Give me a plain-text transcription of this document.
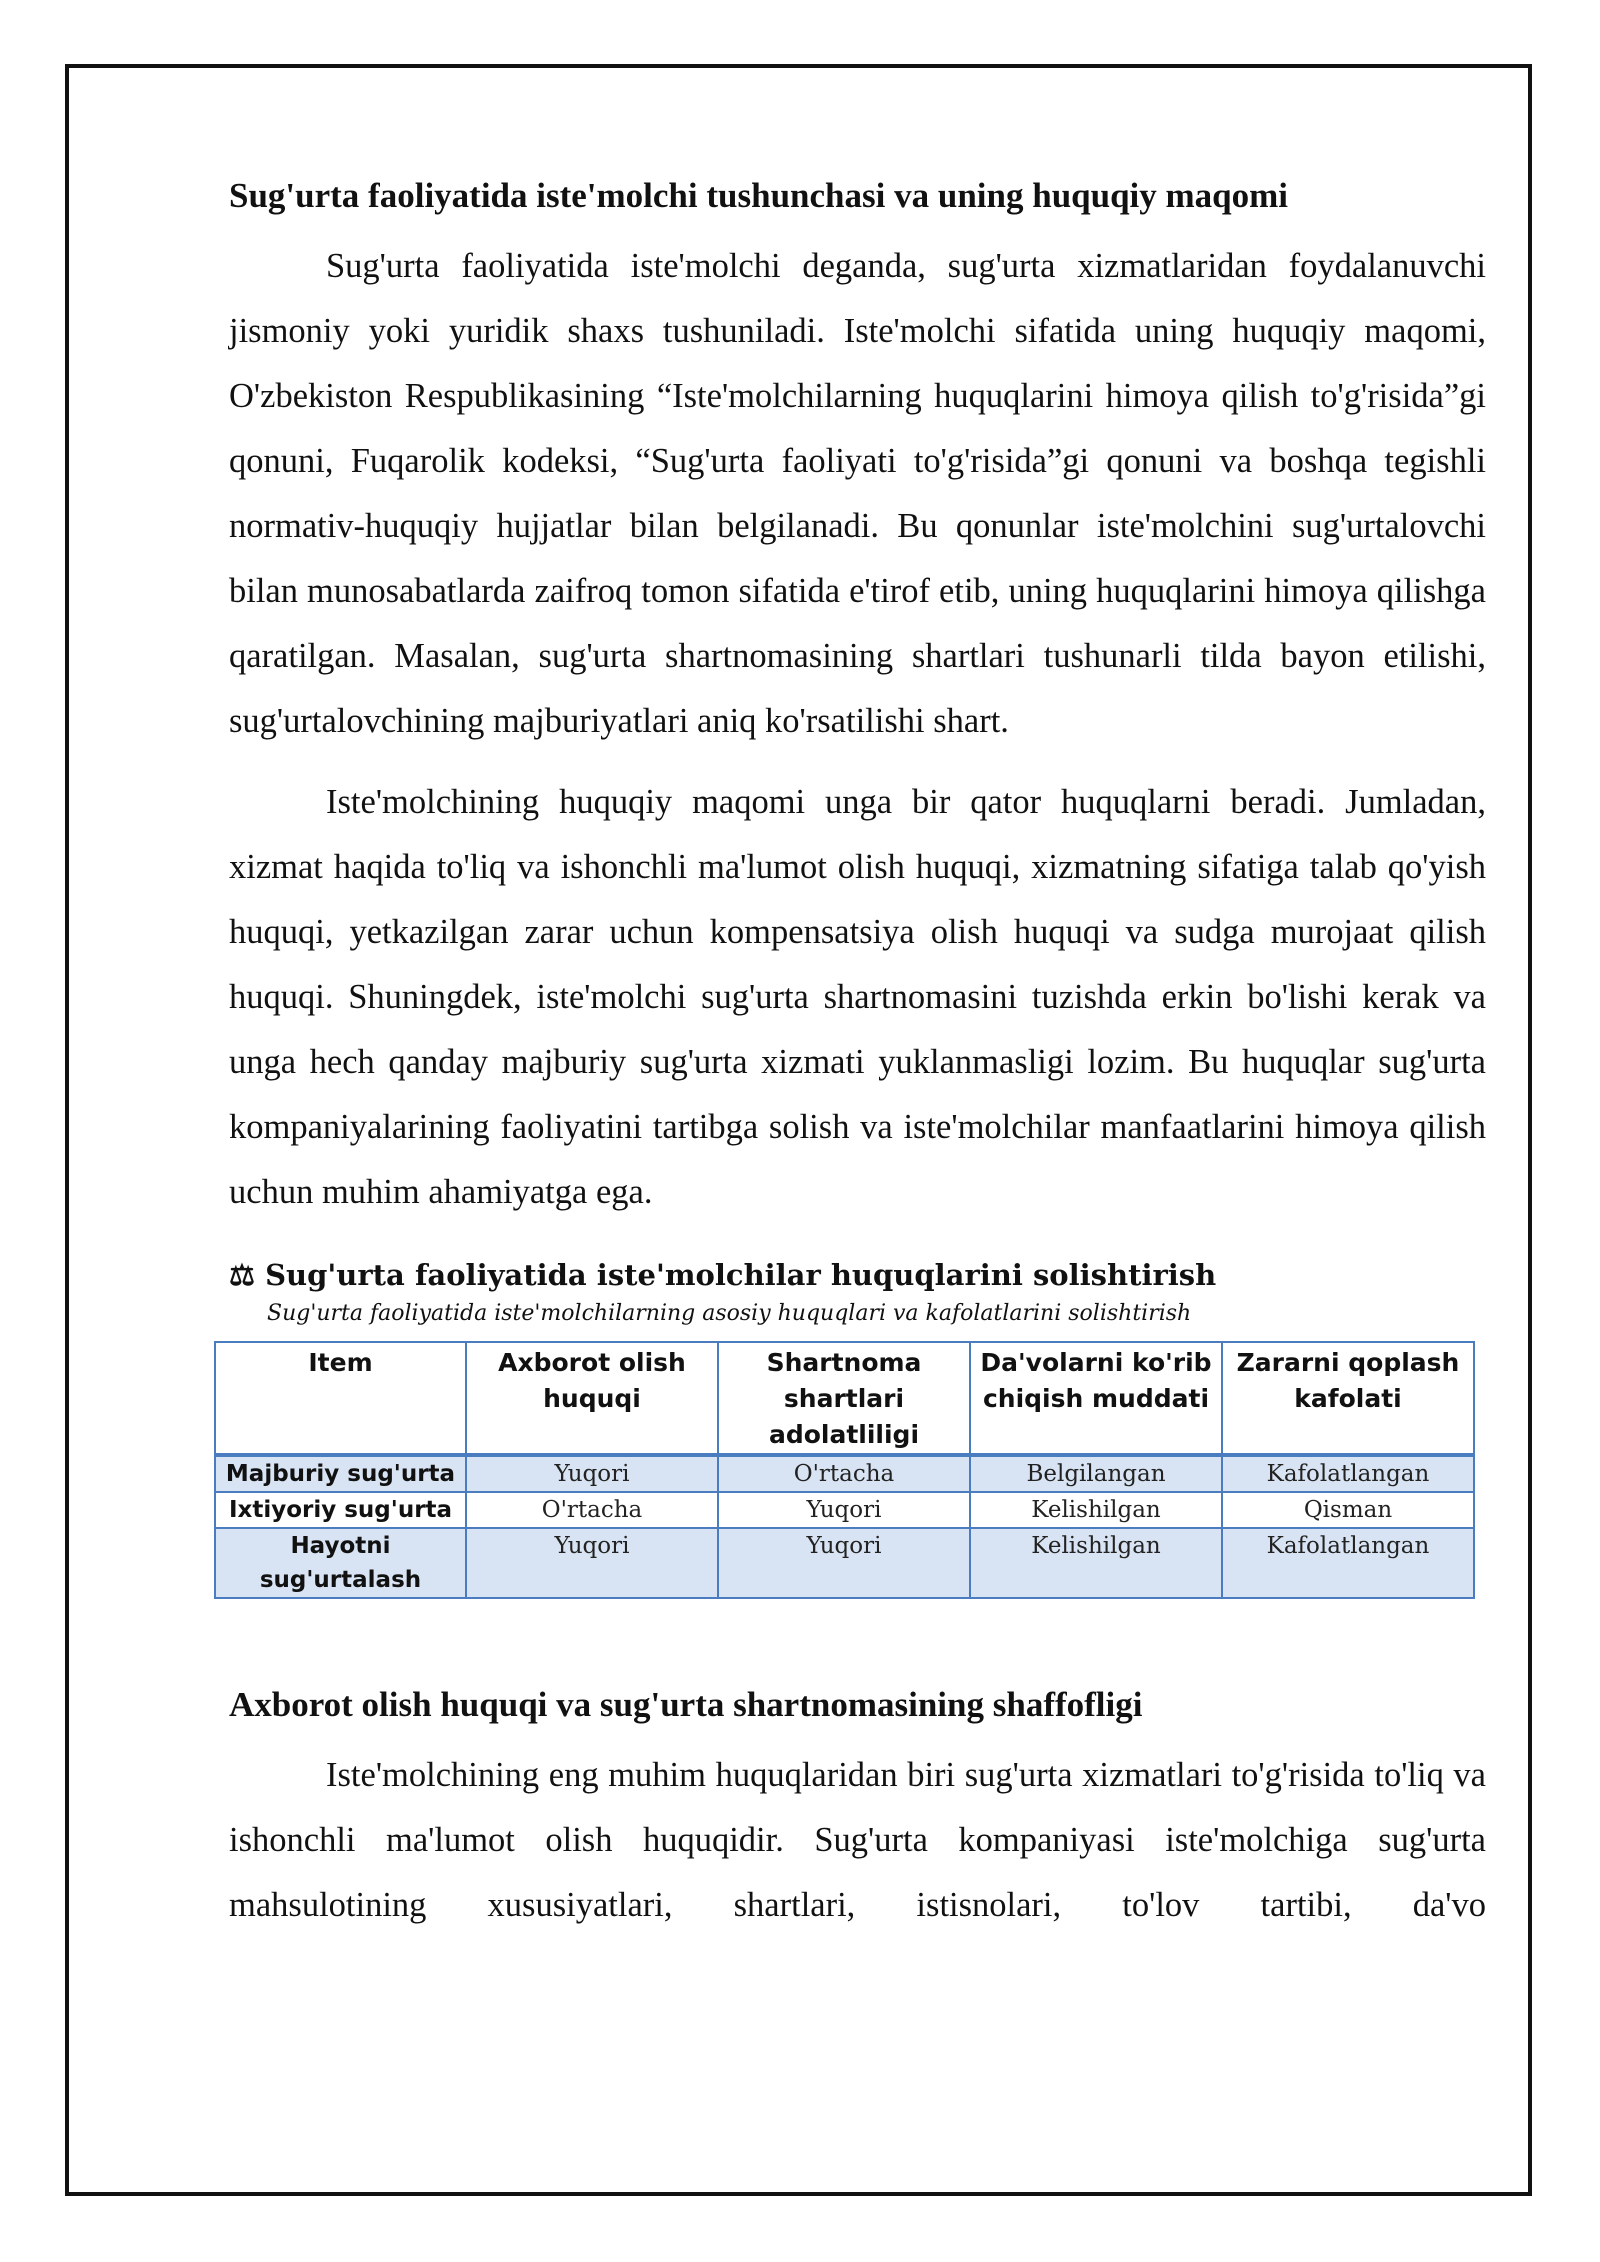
Sug'urta faoliyatida iste'molchi tushunchasi va uning huquqiy maqomi

Sug'urta faoliyatida iste'molchi deganda, sug'urta xizmatlaridan foydalanuvchi jismoniy yoki yuridik shaxs tushuniladi. Iste'molchi sifatida uning huquqiy maqomi, O'zbekiston Respublikasining “Iste'molchilarning huquqlarini himoya qilish to'g'risida”gi qonuni, Fuqarolik kodeksi, “Sug'urta faoliyati to'g'risida”gi qonuni va boshqa tegishli normativ-huquqiy hujjatlar bilan belgilanadi. Bu qonunlar iste'molchini sug'urtalovchi bilan munosabatlarda zaifroq tomon sifatida e'tirof etib, uning huquqlarini himoya qilishga qaratilgan. Masalan, sug'urta shartnomasining shartlari tushunarli tilda bayon etilishi, sug'urtalovchining majburiyatlari aniq ko'rsatilishi shart.

Iste'molchining huquqiy maqomi unga bir qator huquqlarni beradi. Jumladan, xizmat haqida to'liq va ishonchli ma'lumot olish huquqi, xizmatning sifatiga talab qo'yish huquqi, yetkazilgan zarar uchun kompensatsiya olish huquqi va sudga murojaat qilish huquqi. Shuningdek, iste'molchi sug'urta shartnomasini tuzishda erkin bo'lishi kerak va unga hech qanday majburiy sug'urta xizmati yuklanmasligi lozim. Bu huquqlar sug'urta kompaniyalarining faoliyatini tartibga solish va iste'molchilar manfaatlarini himoya qilish uchun muhim ahamiyatga ega.

⚖ Sug'urta faoliyatida iste'molchilar huquqlarini solishtirish

Sug'urta faoliyatida iste'molchilarning asosiy huquqlari va kafolatlarini solishtirish

Item	Axborot olish huquqi	Shartnoma shartlari adolatliligi	Da'volarni ko'rib chiqish muddati	Zararni qoplash kafolati
Majburiy sug'urta	Yuqori	O'rtacha	Belgilangan	Kafolatlangan
Ixtiyoriy sug'urta	O'rtacha	Yuqori	Kelishilgan	Qisman
Hayotni sug'urtalash	Yuqori	Yuqori	Kelishilgan	Kafolatlangan
Axborot olish huquqi va sug'urta shartnomasining shaffofligi

Iste'molchining eng muhim huquqlaridan biri sug'urta xizmatlari to'g'risida to'liq va ishonchli ma'lumot olish huquqidir. Sug'urta kompaniyasi iste'molchiga sug'urta mahsulotining xususiyatlari, shartlari, istisnolari, to'lov tartibi, da'vo
